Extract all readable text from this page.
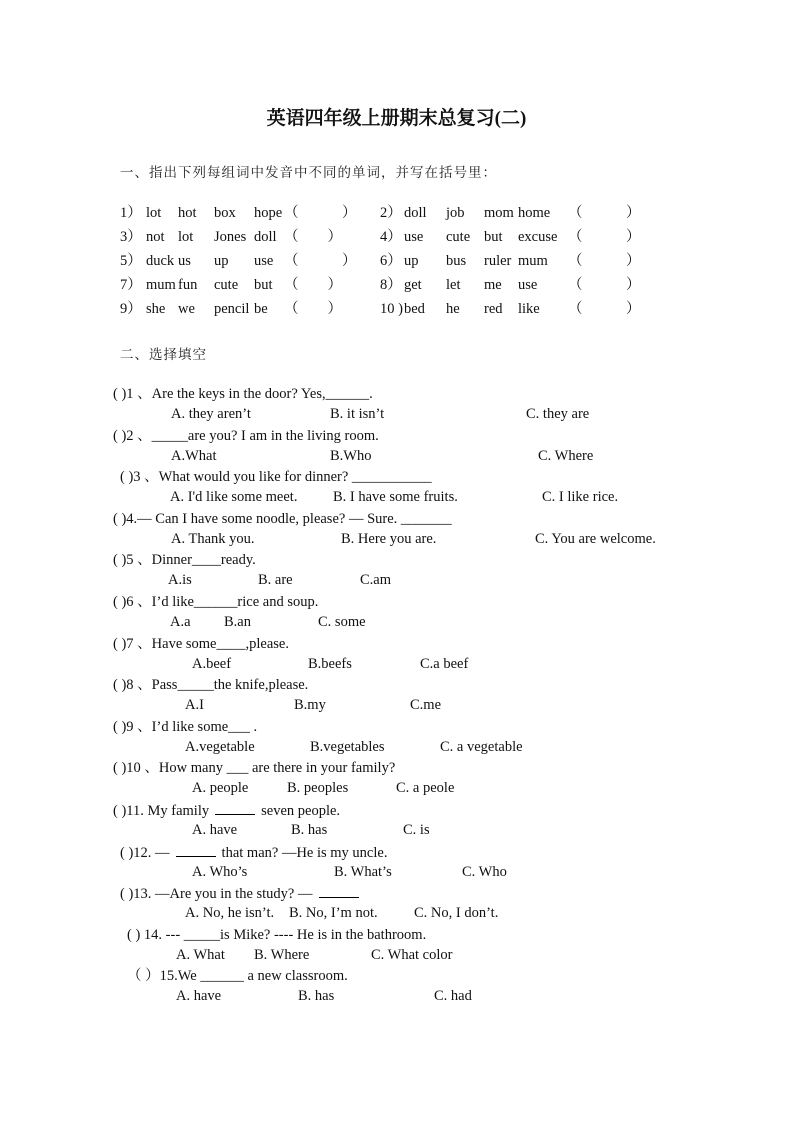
英语四年级上册期末总复习(二)
一、指出下列每组词中发音中不同的单词，并写在括号里：
1） lot hot box hope （　　　） 2） doll job mom home （　　　）
3） not lot Jones doll （　　）	4） use cute but excuse （　　　）
5） duck us up use （　　　） 6） up bus ruler mum （　　　）
7） mum fun cute but （　　）	8） get let me use （　　　）
9） she we pencil be （　　）	10 ) bed he red like （　　　）
二、选择填空
( )1 、Are the keys in the door? Yes,______.
A. they aren’t	B. it isn’t	C. they are
( )2 、_____are you? I am in the living room.
A.What	B.Who	C. Where
( )3 、What would you like for dinner? ___________
A. I'd like some meet. B. I have some fruits.	C. I like rice.
( )4.— Can I have some noodle, please? — Sure. _______
A. Thank you.	B. Here you are.	C. You are welcome.
( )5 、Dinner____ready.
A.is	B. are	C.am
( )6 、I’d like______rice and soup.
A.a B.an	C. some
( )7 、Have some____,please.
A.beef	B.beefs	C.a beef
( )8 、Pass_____the knife,please.
A.I	B.my	C.me
( )9 、I’d like some___ .
A.vegetable	B.vegetables	C. a vegetable
( )10 、How many ___ are there in your family?
A. people	B. peoples	C. a peole
( )11. My family	seven people.
A. have	B. has	C. is
( )12. —	that man? —He is my uncle.
A. Who’s	B. What’s	C. Who
( )13. —Are you in the study? —
A. No, he isn’t. B. No, I’m not.	C. No, I don’t.
( ) 14. --- _____is Mike? ---- He is in the bathroom.
A. What B. Where	C. What color
（ ）15.We ______ a new classroom.
A. have	B. has	C. had
